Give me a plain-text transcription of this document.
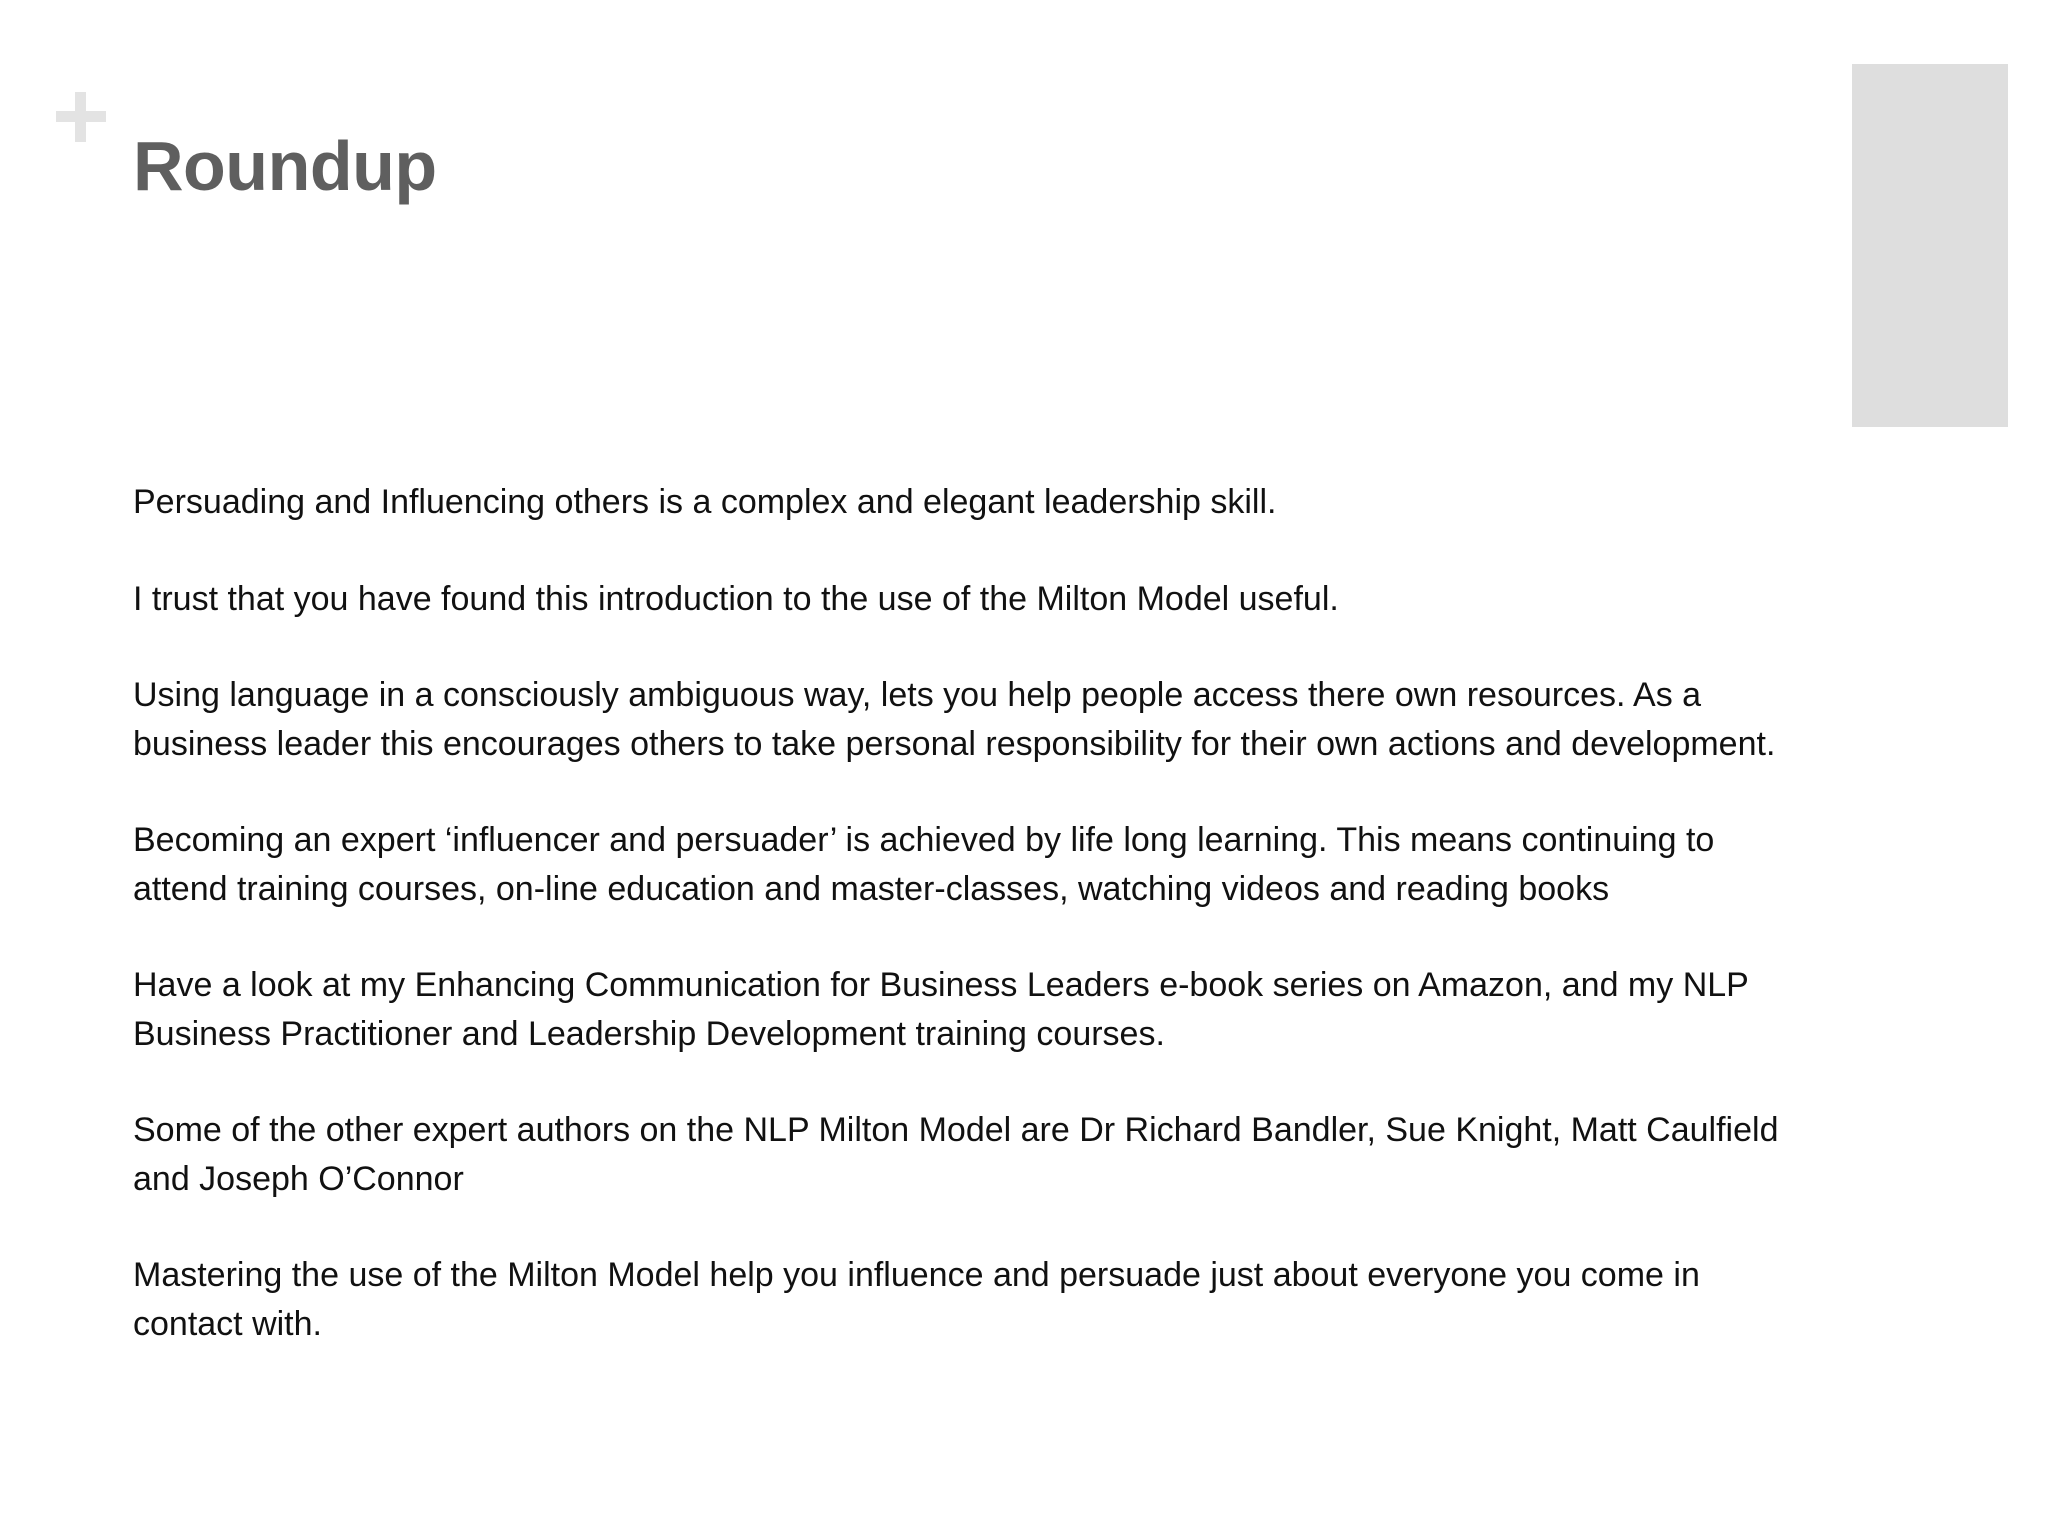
Roundup

Persuading and Influencing others is a complex and elegant leadership skill.

I trust that you have found this introduction to the use of the Milton Model useful.

Using language in a consciously ambiguous way, lets you help people access there own resources. As a business leader this encourages others to take personal responsibility for their own actions and development.

Becoming an expert ‘influencer and persuader’ is achieved by life long learning. This means continuing to attend training courses, on-line education and master-classes, watching videos and reading books

Have a look at my Enhancing Communication for Business Leaders e-book series on Amazon, and my NLP Business Practitioner and Leadership Development training courses.

Some of the other expert authors on the NLP Milton Model are Dr Richard Bandler, Sue Knight, Matt Caulfield and Joseph O’Connor

Mastering the use of the Milton Model help you influence and persuade just about everyone you come in contact with.
